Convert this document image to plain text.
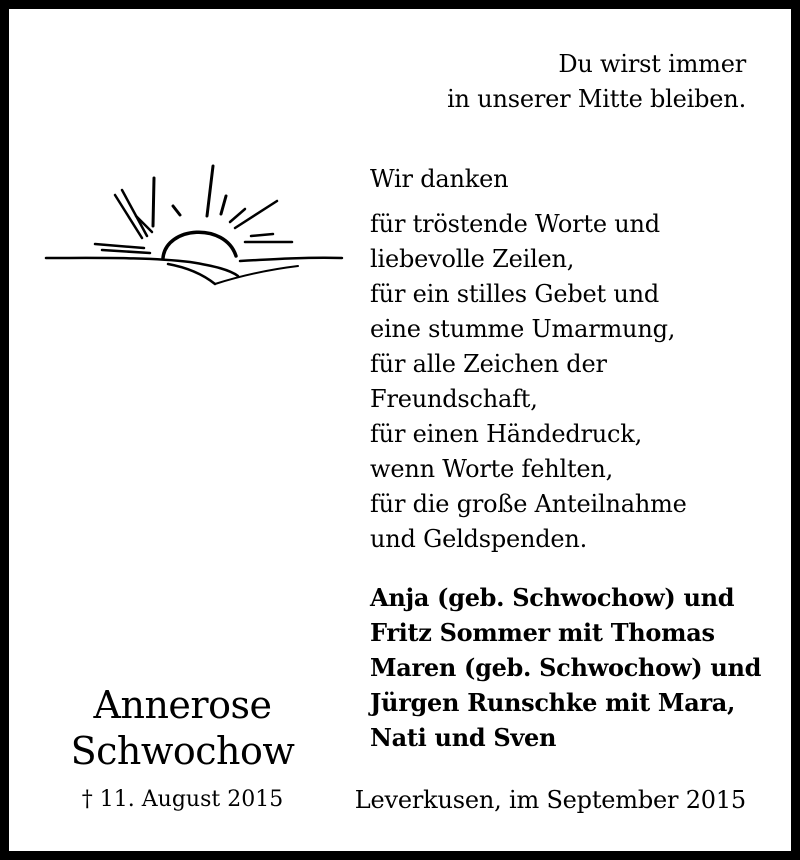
Du wirst immer
in unserer Mitte bleiben.
Wir danken
für tröstende Worte und
liebevolle Zeilen,
für ein stilles Gebet und
eine stumme Umarmung,
für alle Zeichen der
Freundschaft,
für einen Händedruck,
wenn Worte fehlten,
für die große Anteilnahme
und Geldspenden.
Anja (geb. Schwochow) und
Fritz Sommer mit Thomas
Maren (geb. Schwochow) und
Jürgen Runschke mit Mara,
Nati und Sven
Annerose
Schwochow
† 11. August 2015	Leverkusen, im September 2015
